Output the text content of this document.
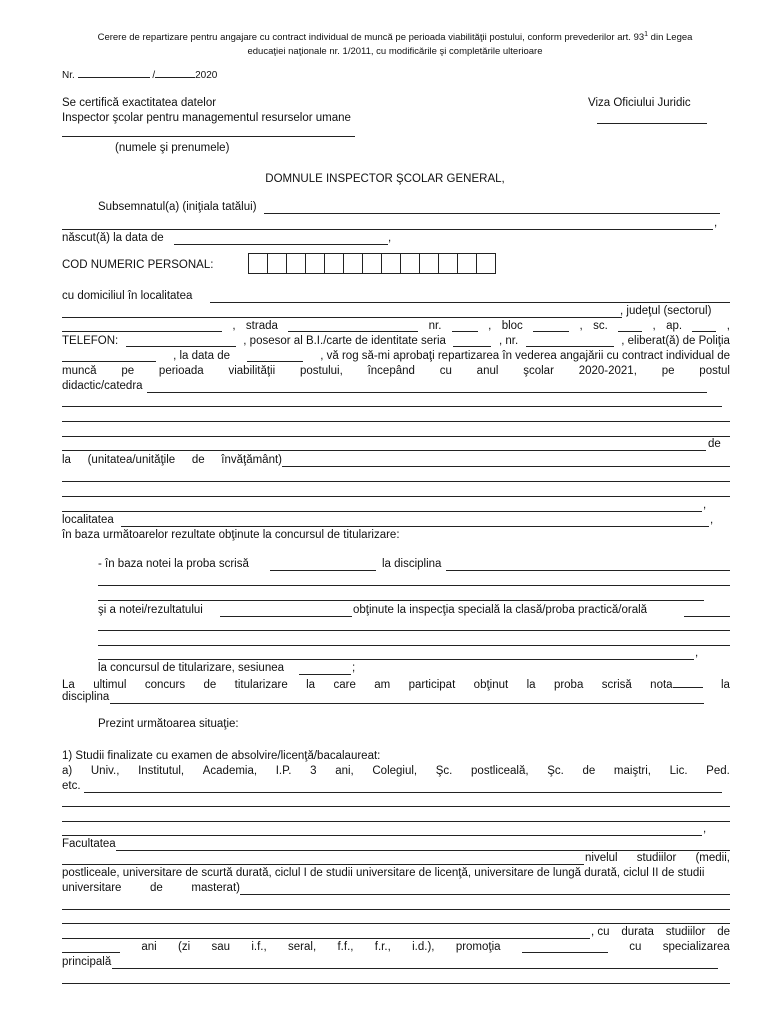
Cerere de repartizare pentru angajare cu contract individual de muncă pe perioada viabilităţii postului, conform prevederilor art. $93^1$ din Legea
educaţiei naţionale nr. 1/2011, cu modificările şi completările ulterioare
Nr.	/	2020
Se certifică exactitatea datelor
Inspector şcolar pentru managementul resurselor umane
(numele şi prenumele)
Viza Oficiului Juridic
DOMNULE INSPECTOR ŞCOLAR GENERAL,
Subsemnatul(a) (iniţiala tatălui)
,
născut(ă) la data de	,
COD NUMERIC PERSONAL:
cu domiciliul în localitatea
, judeţul (sectorul)
, strada	nr.	, bloc	, sc.	, ap.	,
TELEFON:	, posesor al B.I./carte de identitate seria	, nr.	, eliberat(ă) de Poliţia
, la data de	, vă rog să-mi aprobaţi repartizarea în vederea angajării cu contract individual de
muncă pe perioada viabilităţii postului, începând cu anul şcolar 2020-2021, pe postul
didactic/catedra
de
la (unitatea/unităţile de învăţământ)
,
localitatea	,
în baza următoarelor rezultate obţinute la concursul de titularizare:
- în baza notei la proba scrisă	la disciplina
şi a notei/rezultatului	obţinute la inspecţia specială la clasă/proba practică/orală
,
la concursul de titularizare, sesiunea	;
La ultimul concurs de titularizare la care am participat obţinut la proba scrisă nota	la
disciplina
Prezint următoarea situaţie:
1) Studii finalizate cu examen de absolvire/licenţă/bacalaureat:
a) Univ., Institutul, Academia, I.P. 3 ani, Colegiul, Şc. postliceală, Şc. de maiştri, Lic. Ped.
etc.
,
Facultatea
nivelul studiilor (medii,
postliceale, universitare de scurtă durată, ciclul I de studii universitare de licenţă, universitare de lungă durată, ciclul II de studii
universitare de masterat)
, cu durata studiilor de
ani (zi sau i.f., seral, f.f., f.r., i.d.), promoţia	cu specializarea
principală
